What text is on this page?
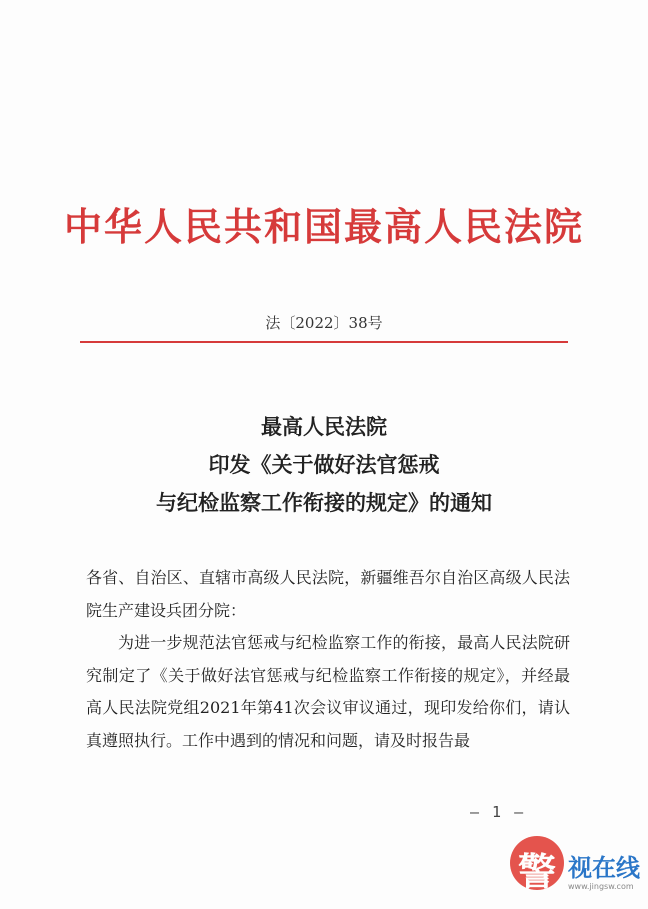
中华人民共和国最高人民法院
法〔2022〕38号
最高人民法院
印发《关于做好法官惩戒
与纪检监察工作衔接的规定》的通知

各省、自治区、直辖市高级人民法院，新疆维吾尔自治区高级人民法院生产建设兵团分院：

为进一步规范法官惩戒与纪检监察工作的衔接，最高人民法院研究制定了《关于做好法官惩戒与纪检监察工作衔接的规定》，并经最高人民法院党组2021年第41次会议审议通过，现印发给你们，请认真遵照执行。工作中遇到的情况和问题，请及时报告最

— 1 —
警
视在线
www.jingsw.com
